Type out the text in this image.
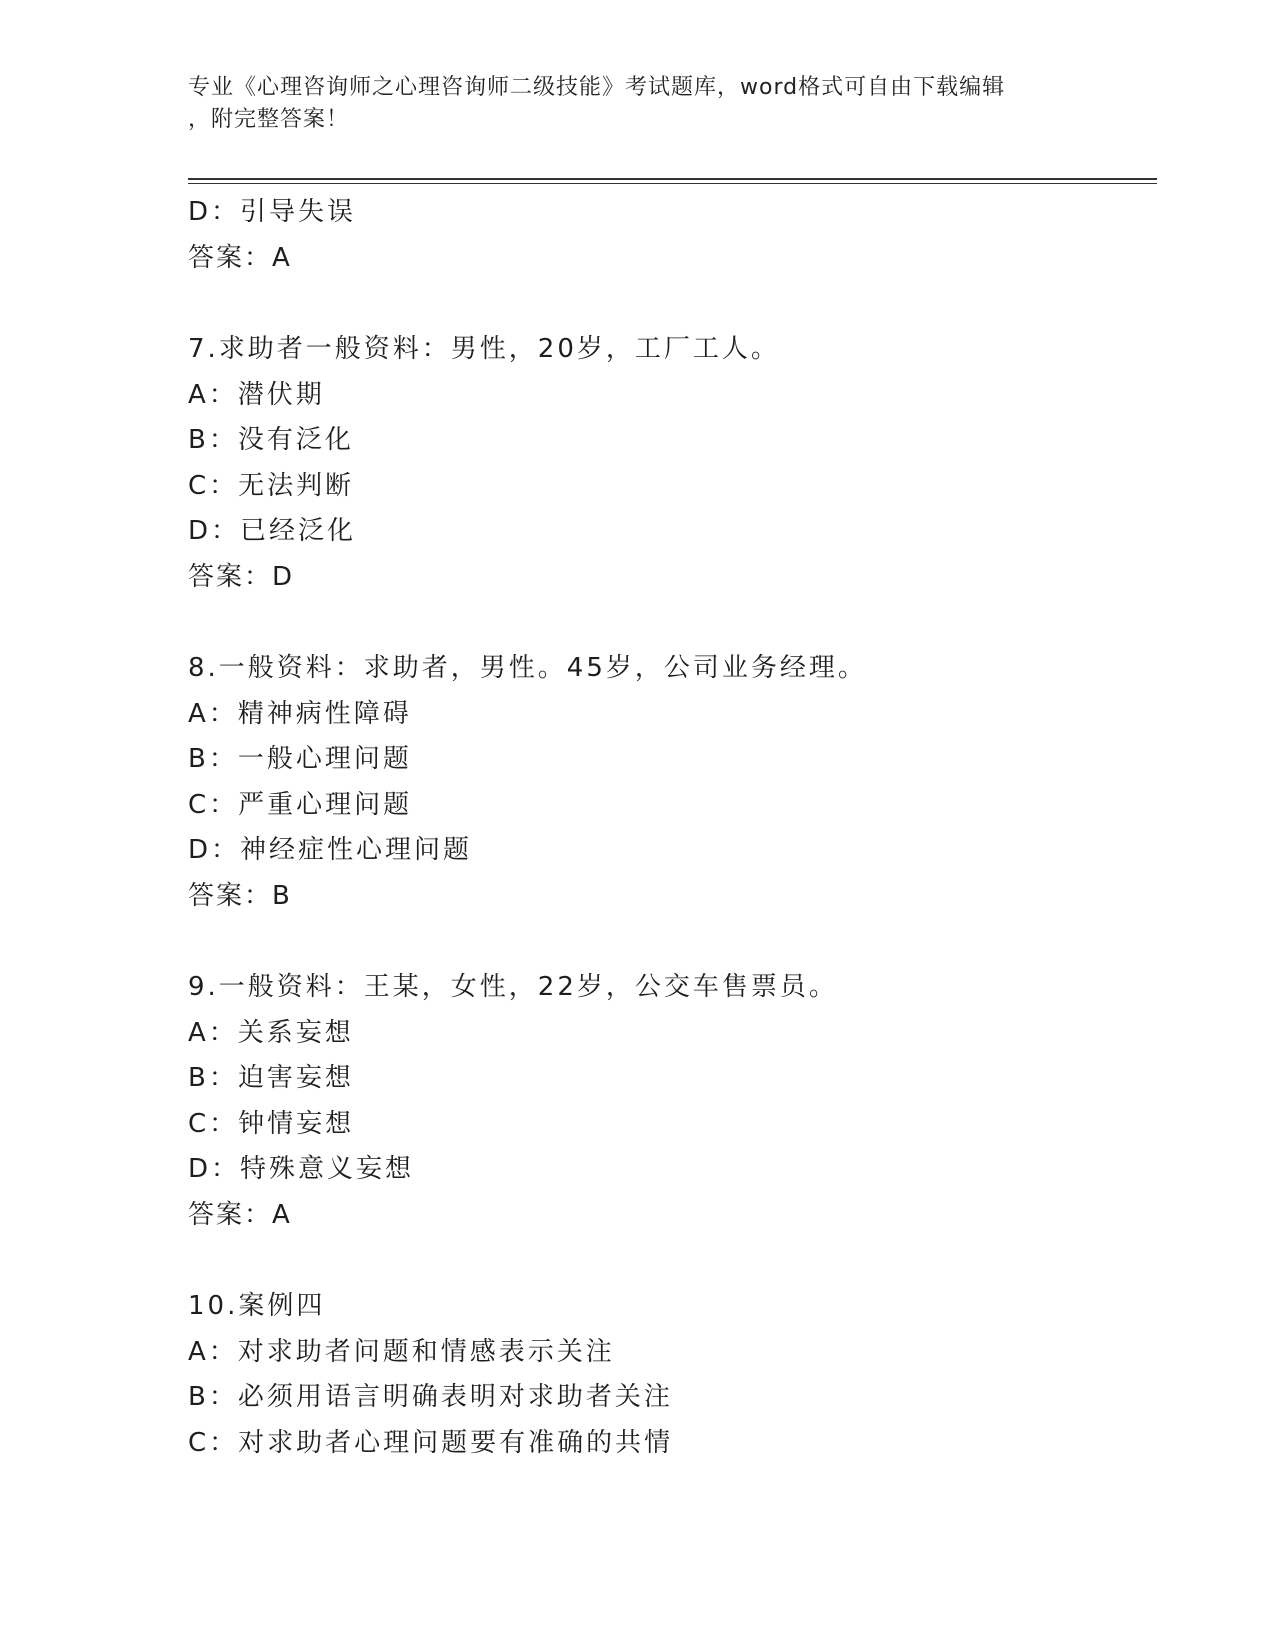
专业《心理咨询师之心理咨询师二级技能》考试题库，word格式可自由下载编辑
，附完整答案！
D：引导失误
答案：A
7.求助者一般资料：男性，20岁，工厂工人。
A：潜伏期
B：没有泛化
C：无法判断
D：已经泛化
答案：D
8.一般资料：求助者，男性。45岁，公司业务经理。
A：精神病性障碍
B：一般心理问题
C：严重心理问题
D：神经症性心理问题
答案：B
9.一般资料：王某，女性，22岁，公交车售票员。
A：关系妄想
B：迫害妄想
C：钟情妄想
D：特殊意义妄想
答案：A
10.案例四
A：对求助者问题和情感表示关注
B：必须用语言明确表明对求助者关注
C：对求助者心理问题要有准确的共情
